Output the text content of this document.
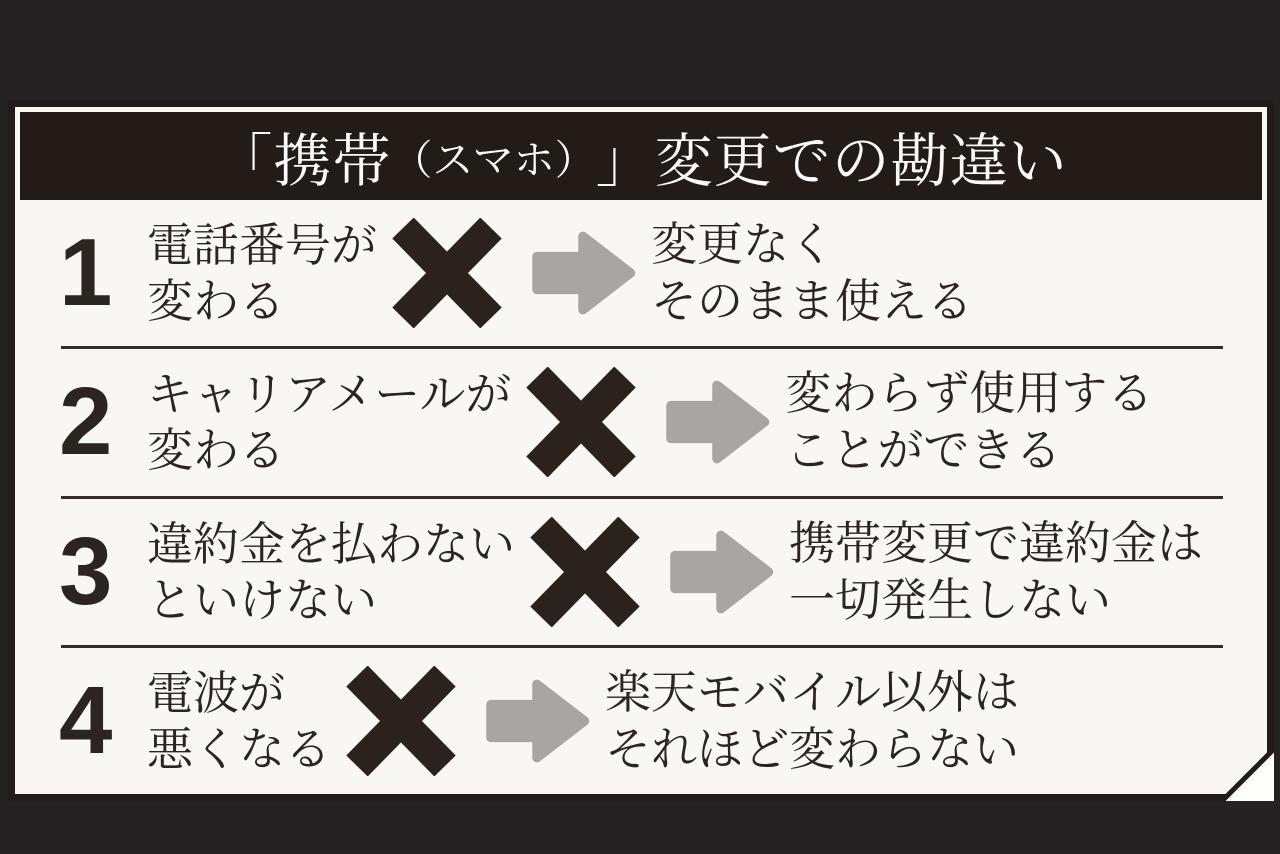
「携帯 （スマホ） 」変更での勘違い
1 電話番号が
変わる
変更なく
そのまま使える
2 キャリアメールが
変わる
変わらず使用する
ことができる
3 違約金を払わない
といけない
携帯変更で違約金は
一切発生しない
4 電波が
悪くなる
楽天モバイル以外は
それほど変わらない
